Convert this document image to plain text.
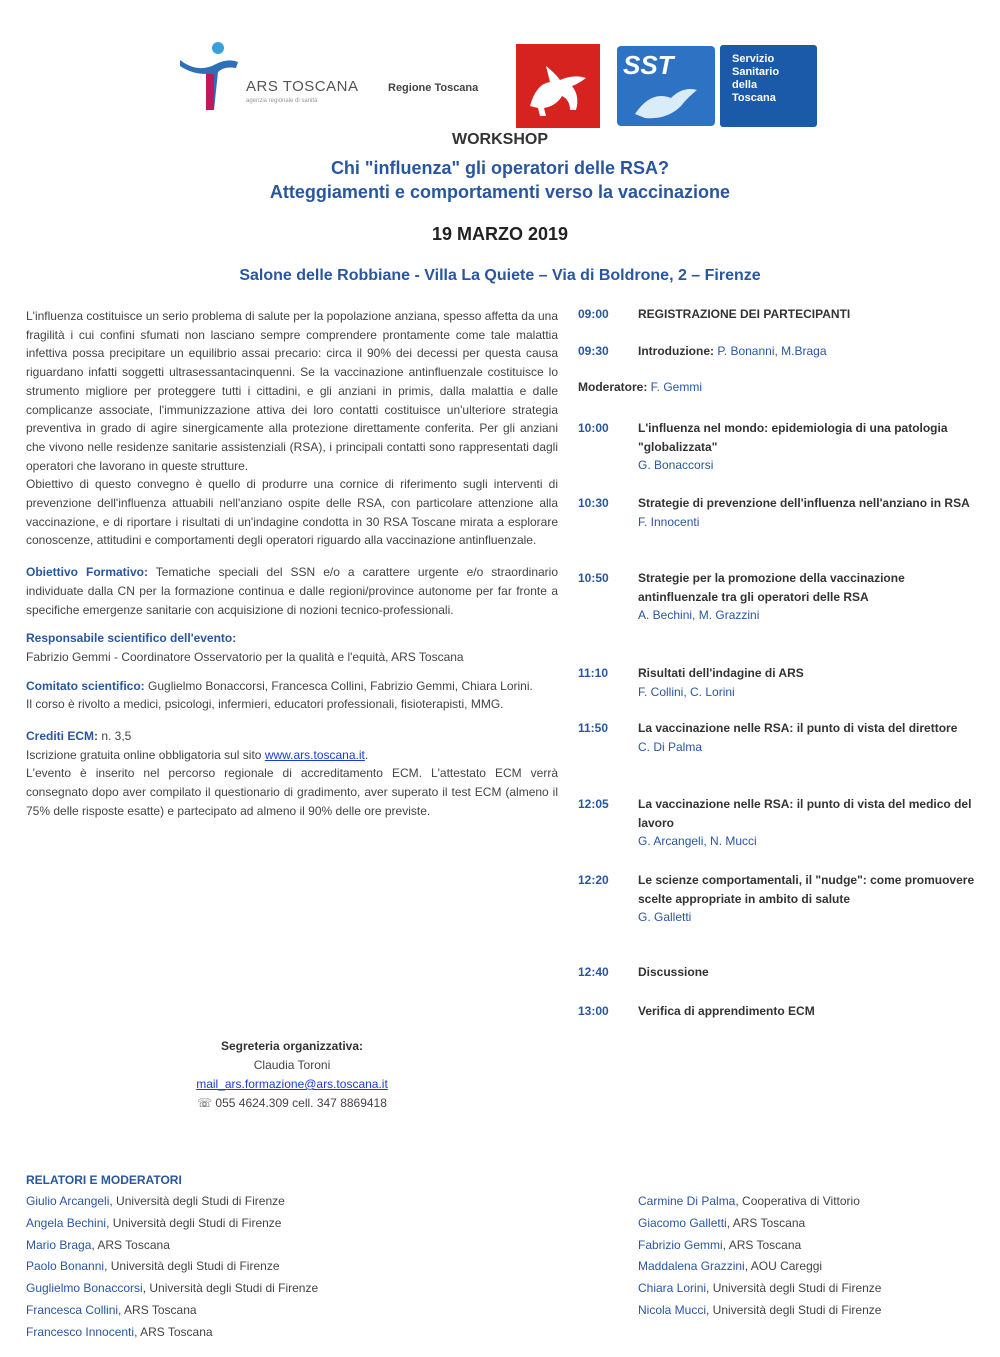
ARS TOSCANA
agenzia regionale di sanità
Regione Toscana
SST	Servizio
Sanitario
della
Toscana
WORKSHOP
Chi "influenza" gli operatori delle RSA?
Atteggiamenti e comportamenti verso la vaccinazione
19 MARZO 2019
Salone delle Robbiane - Villa La Quiete – Via di Boldrone, 2 – Firenze

L'influenza costituisce un serio problema di salute per la popolazione anziana, spesso affetta da una fragilità i cui confini sfumati non lasciano sempre comprendere prontamente come tale malattia infettiva possa precipitare un equilibrio assai precario: circa il 90% dei decessi per questa causa riguardano infatti soggetti ultrasessantacinquenni. Se la vaccinazione antinfluenzale costituisce lo strumento migliore per proteggere tutti i cittadini, e gli anziani in primis, dalla malattia e dalle complicanze associate, l'immunizzazione attiva dei loro contatti costituisce un'ulteriore strategia preventiva in grado di agire sinergicamente alla protezione direttamente conferita. Per gli anziani che vivono nelle residenze sanitarie assistenziali (RSA), i principali contatti sono rappresentati dagli operatori che lavorano in queste strutture.

Obiettivo di questo convegno è quello di produrre una cornice di riferimento sugli interventi di prevenzione dell'influenza attuabili nell'anziano ospite delle RSA, con particolare attenzione alla vaccinazione, e di riportare i risultati di un'indagine condotta in 30 RSA Toscane mirata a esplorare conoscenze, attitudini e comportamenti degli operatori riguardo alla vaccinazione antinfluenzale.

Obiettivo Formativo: Tematiche speciali del SSN e/o a carattere urgente e/o straordinario individuate dalla CN per la formazione continua e dalle regioni/province autonome per far fronte a specifiche emergenze sanitarie con acquisizione di nozioni tecnico-professionali.

Responsabile scientifico dell'evento:

Fabrizio Gemmi - Coordinatore Osservatorio per la qualità e l'equità, ARS Toscana

Comitato scientifico: Guglielmo Bonaccorsi, Francesca Collini, Fabrizio Gemmi, Chiara Lorini.

Il corso è rivolto a medici, psicologi, infermieri, educatori professionali, fisioterapisti, MMG.

Crediti ECM: n. 3,5

Iscrizione gratuita online obbligatoria sul sito www.ars.toscana.it.

L'evento è inserito nel percorso regionale di accreditamento ECM. L'attestato ECM verrà consegnato dopo aver compilato il questionario di gradimento, aver superato il test ECM (almeno il 75% delle risposte esatte) e partecipato ad almeno il 90% delle ore previste.

Segreteria organizzativa:
Claudia Toroni
mail_ars.formazione@ars.toscana.it
☏ 055 4624.309 cell. 347 8869418
09:00	REGISTRAZIONE DEI PARTECIPANTI
09:30	Introduzione: P. Bonanni, M.Braga
Moderatore: F. Gemmi
10:00	L'influenza nel mondo: epidemiologia di una patologia "globalizzata"
G. Bonaccorsi
10:30	Strategie di prevenzione dell'influenza nell'anziano in RSA
F. Innocenti
10:50	Strategie per la promozione della vaccinazione antinfluenzale tra gli operatori delle RSA
A. Bechini, M. Grazzini
11:10	Risultati dell'indagine di ARS
F. Collini, C. Lorini
11:50	La vaccinazione nelle RSA: il punto di vista del direttore
C. Di Palma
12:05	La vaccinazione nelle RSA: il punto di vista del medico del lavoro
G. Arcangeli, N. Mucci
12:20	Le scienze comportamentali, il "nudge": come promuovere scelte appropriate in ambito di salute
G. Galletti
12:40	Discussione
13:00	Verifica di apprendimento ECM
RELATORI E MODERATORI
Giulio Arcangeli, Università degli Studi di Firenze
Angela Bechini, Università degli Studi di Firenze
Mario Braga, ARS Toscana
Paolo Bonanni, Università degli Studi di Firenze
Guglielmo Bonaccorsi, Università degli Studi di Firenze
Francesca Collini, ARS Toscana
Francesco Innocenti, ARS Toscana
Carmine Di Palma, Cooperativa di Vittorio
Giacomo Galletti, ARS Toscana
Fabrizio Gemmi, ARS Toscana
Maddalena Grazzini, AOU Careggi
Chiara Lorini, Università degli Studi di Firenze
Nicola Mucci, Università degli Studi di Firenze
